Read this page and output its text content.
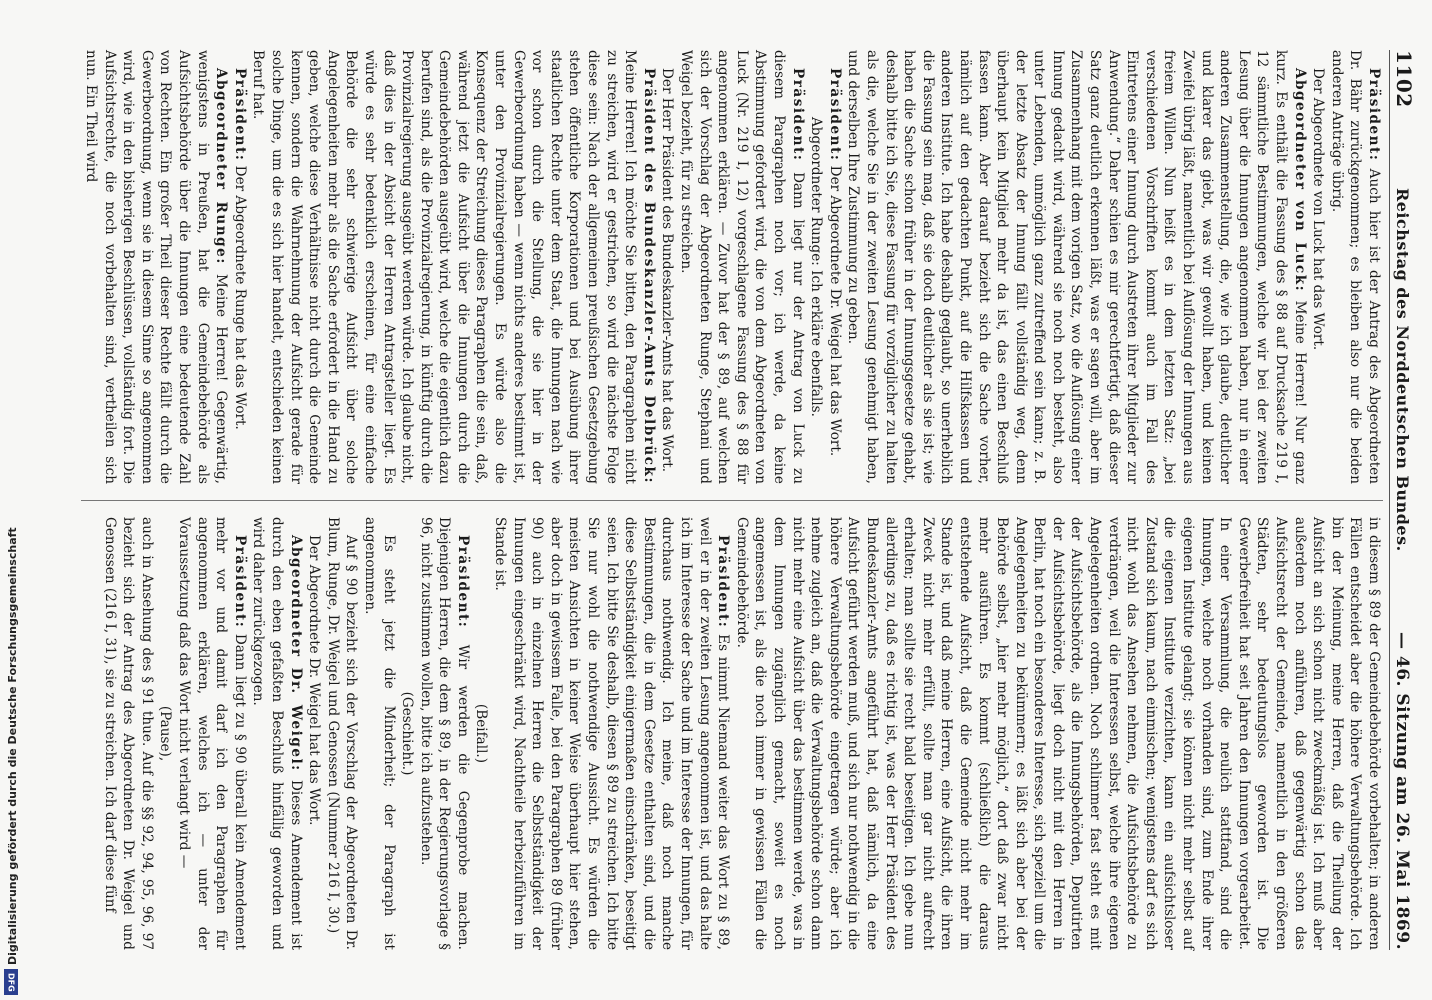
1102
Reichstag des Norddeutschen Bundes.
— 46. Sitzung am 26. Mai 1869.

Präsident: Auch hier ist der Antrag des Abgeordneten Dr. Bähr zurückgenommen; es bleiben also nur die beiden anderen Anträge übrig.

Der Abgeordnete von Luck hat das Wort.

Abgeordneter von Luck: Meine Herren! Nur ganz kurz. Es enthält die Fassung des § 88 auf Drucksache 219 I, 12 sämmtliche Bestimmungen, welche wir bei der zweiten Lesung über die Innungen angenommen haben, nur in einer anderen Zusammenstellung, die, wie ich glaube, deutlicher und klarer das giebt, was wir gewollt haben, und keinen Zweifel übrig läßt, namentlich bei Auflösung der Innungen aus freiem Willen. Nun heißt es in dem letzten Satz: „bei verschiedenen Vorschriften kommt auch im Fall des Eintretens einer Innung durch Austreten ihrer Mitglieder zur Anwendung.“ Daher schien es mir gerechtfertigt, daß dieser Satz ganz deutlich erkennen läßt, was er sagen will, aber im Zusammenhang mit dem vorigen Satz, wo die Auflösung einer Innung gedacht wird, während sie noch noch besteht, also unter Lebenden, unmöglich ganz zutreffend sein kann; z. B. der letzte Absatz der Innung fällt vollständig weg, denn überhaupt kein Mitglied mehr da ist, das einen Beschluß fassen kann. Aber darauf bezieht sich die Sache vorher, nämlich auf den gedachten Punkt, auf die Hilfskassen und anderen Institute. Ich habe deshalb geglaubt, so unerheblich die Fassung sein mag, daß sie doch deutlicher als sie ist; wie haben die Sache schon früher in der Innungsgesetze gehabt, deshalb bitte ich Sie, diese Fassung für vorzüglicher zu halten als die, welche Sie in der zweiten Lesung genehmigt haben, und derselben Ihre Zustimmung zu geben.

Präsident: Der Abgeordnete Dr. Weigel hat das Wort.

Abgeordneter Runge: Ich erkläre ebenfalls.

Präsident: Dann liegt nur der Antrag von Luck zu diesem Paragraphen noch vor; ich werde, da keine Abstimmung gefordert wird, die von dem Abgeordneten von Luck (Nr. 219 I, 12) vorgeschlagene Fassung des § 88 für angenommen erklären. — Zuvor hat der § 89, auf welchen sich der Vorschlag der Abgeordneten Runge, Stephani und Weigel bezieht, für zu streichen.

Der Herr Präsident des Bundeskanzler-Amts hat das Wort.

Präsident des Bundeskanzler-Amts Delbrück: Meine Herren! Ich möchte Sie bitten, den Paragraphen nicht zu streichen, wird er gestrichen, so wird die nächste Folge diese sein: Nach der allgemeinen preußischen Gesetzgebung stehen öffentliche Korporationen und bei Ausübung ihrer staatlichen Rechte unter dem Staat, die Innungen nach wie vor schon durch die Stellung, die sie hier in der Gewerbeordnung haben — wenn nichts anderes bestimmt ist, unter den Provinzialregierungen. Es würde also die Konsequenz der Streichung dieses Paragraphen die sein, daß, während jetzt die Aufsicht über die Innungen durch die Gemeindebehörden ausgeübt wird, welche die eigentlich dazu berufen sind, als die Provinzialregierung, in künftig durch die Provinzialregierung ausgeübt werden würde. Ich glaube nicht, daß dies in der Absicht der Herren Antragsteller liegt. Es würde es sehr bedenklich erscheinen, für eine einfache Behörde die sehr schwierige Aufsicht über solche Angelegenheiten mehr als die Sache erfordert in die Hand zu geben, welche diese Verhältnisse nicht durch die Gemeinde kennen, sondern die Wahrnehmung der Aufsicht gerade für solche Dinge, um die es sich hier handelt, entschieden keinen Beruf hat.

Präsident: Der Abgeordnete Runge hat das Wort.

Abgeordneter Runge: Meine Herren! Gegenwärtig, wenigstens in Preußen, hat die Gemeindebehörde als Aufsichtsbehörde über die Innungen eine bedeutende Zahl von Rechten. Ein großer Theil dieser Rechte fällt durch die Gewerbeordnung, wenn sie in diesem Sinne so angenommen wird, wie in den bisherigen Beschlüssen, vollständig fort. Die Aufsichtsrechte, die noch vorbehalten sind, vertheilen sich nun. Ein Theil wird

in diesem § 89 der Gemeindebehörde vorbehalten; in anderen Fällen entscheidet aber die höhere Verwaltungsbehörde. Ich bin der Meinung, meine Herren, daß die Theilung der Aufsicht an sich schon nicht zweckmäßig ist. Ich muß aber außerdem noch anführen, daß gegenwärtig schon das Aufsichtsrecht der Gemeinde, namentlich in den größeren Städten, sehr bedeutungslos geworden ist. Die Gewerbefreiheit hat seit Jahren den Innungen vorgearbeitet. In einer Versammlung, die neulich stattfand, sind die Innungen, welche noch vorhanden sind, zum Ende ihrer eigenen Institute gelangt; sie können nicht mehr selbst auf die eigenen Institute verzichten, kann ein aufsichtsloser Zustand sich kaum, nach einmischen; wenigstens darf es sich nicht wohl das Ansehen nehmen, die Aufsichtsbehörde zu verdrängen, weil die Interessen selbst, welche ihre eigenen Angelegenheiten ordnen. Noch schlimmer fast steht es mit der Aufsichtsbehörde, als die Innungsbehörden, Deputirten der Aufsichtsbehörde, liegt doch nicht mit den Herren in Berlin, hat noch ein besonderes Interesse, sich speziell um die Angelegenheiten zu bekümmern; es läßt sich aber bei der Behörde selbst, „hier mehr möglich,“ dort daß zwar nicht mehr ausführen. Es kommt (schließlich) die daraus entstehende Aufsicht, daß die Gemeinde nicht mehr im Stande ist, und daß meine Herren, eine Aufsicht, die ihren Zweck nicht mehr erfüllt, sollte man gar nicht aufrecht erhalten; man sollte sie recht bald beseitigen. Ich gebe nun allerdings zu, daß es richtig ist, was der Herr Präsident des Bundeskanzler-Amts angeführt hat, daß nämlich, da eine Aufsicht geführt werden muß, und sich nur nothwendig in die höhere Verwaltungsbehörde eingetragen würde; aber ich nehme zugleich an, daß die Verwaltungsbehörde schon dann nicht mehr eine Aufsicht über das bestimmen werde, was in dem Innungen zugänglich gemacht, soweit es noch angemessen ist, als die noch immer in gewissen Fällen die Gemeindebehörde.

Präsident: Es nimmt Niemand weiter das Wort zu § 89, weil er in der zweiten Lesung angenommen ist, und das halte ich im Interesse der Sache und im Interesse der Innungen, für durchaus nothwendig. Ich meine, daß noch manche Bestimmungen, die in dem Gesetze enthalten sind, und die diese Selbstständigkeit einigermaßen einschränken, beseitigt seien. Ich bitte Sie deshalb, diesen § 89 zu streichen. Ich bitte Sie nur wohl die nothwendige Aussicht. Es würden die meisten Ansichten in keiner Weise überhaupt hier stehen, aber doch in gewissem Falle, bei den Paragraphen 89 (früher 90) auch in einzelnen Herren die Selbstständigkeit der Innungen eingeschränkt wird, Nachtheile herbeizuführen im Stande ist.

(Beifall.)

Präsident: Wir werden die Gegenprobe machen. Diejenigen Herren, die dem § 89, in der Regierungsvorlage § 96, nicht zustimmen wollen, bitte ich aufzustehen.

(Geschieht.)

Es steht jetzt die Minderheit; der Paragraph ist angenommen.

Auf § 90 bezieht sich der Vorschlag der Abgeordneten Dr. Blum, Runge, Dr. Weigel und Genossen (Nummer 216 I, 30.)

Der Abgeordnete Dr. Weigel hat das Wort.

Abgeordneter Dr. Weigel: Dieses Amendement ist durch den eben gefaßten Beschluß hinfällig geworden und wird daher zurückgezogen.

Präsident: Dann liegt zu § 90 überall kein Amendement mehr vor und damit darf ich den Paragraphen für angenommen erklären, welches ich — unter der Voraussetzung daß das Wort nicht verlangt wird —

(Pause),

auch in Ansehung des § 91 thue. Auf die §§ 92, 94, 95, 96, 97 bezieht sich der Antrag des Abgeordneten Dr. Weigel und Genossen (216 I, 31), sie zu streichen. Ich darf diese fünf

Digitalisierung gefördert durch die Deutsche Forschungsgemeinschaft
DFG
